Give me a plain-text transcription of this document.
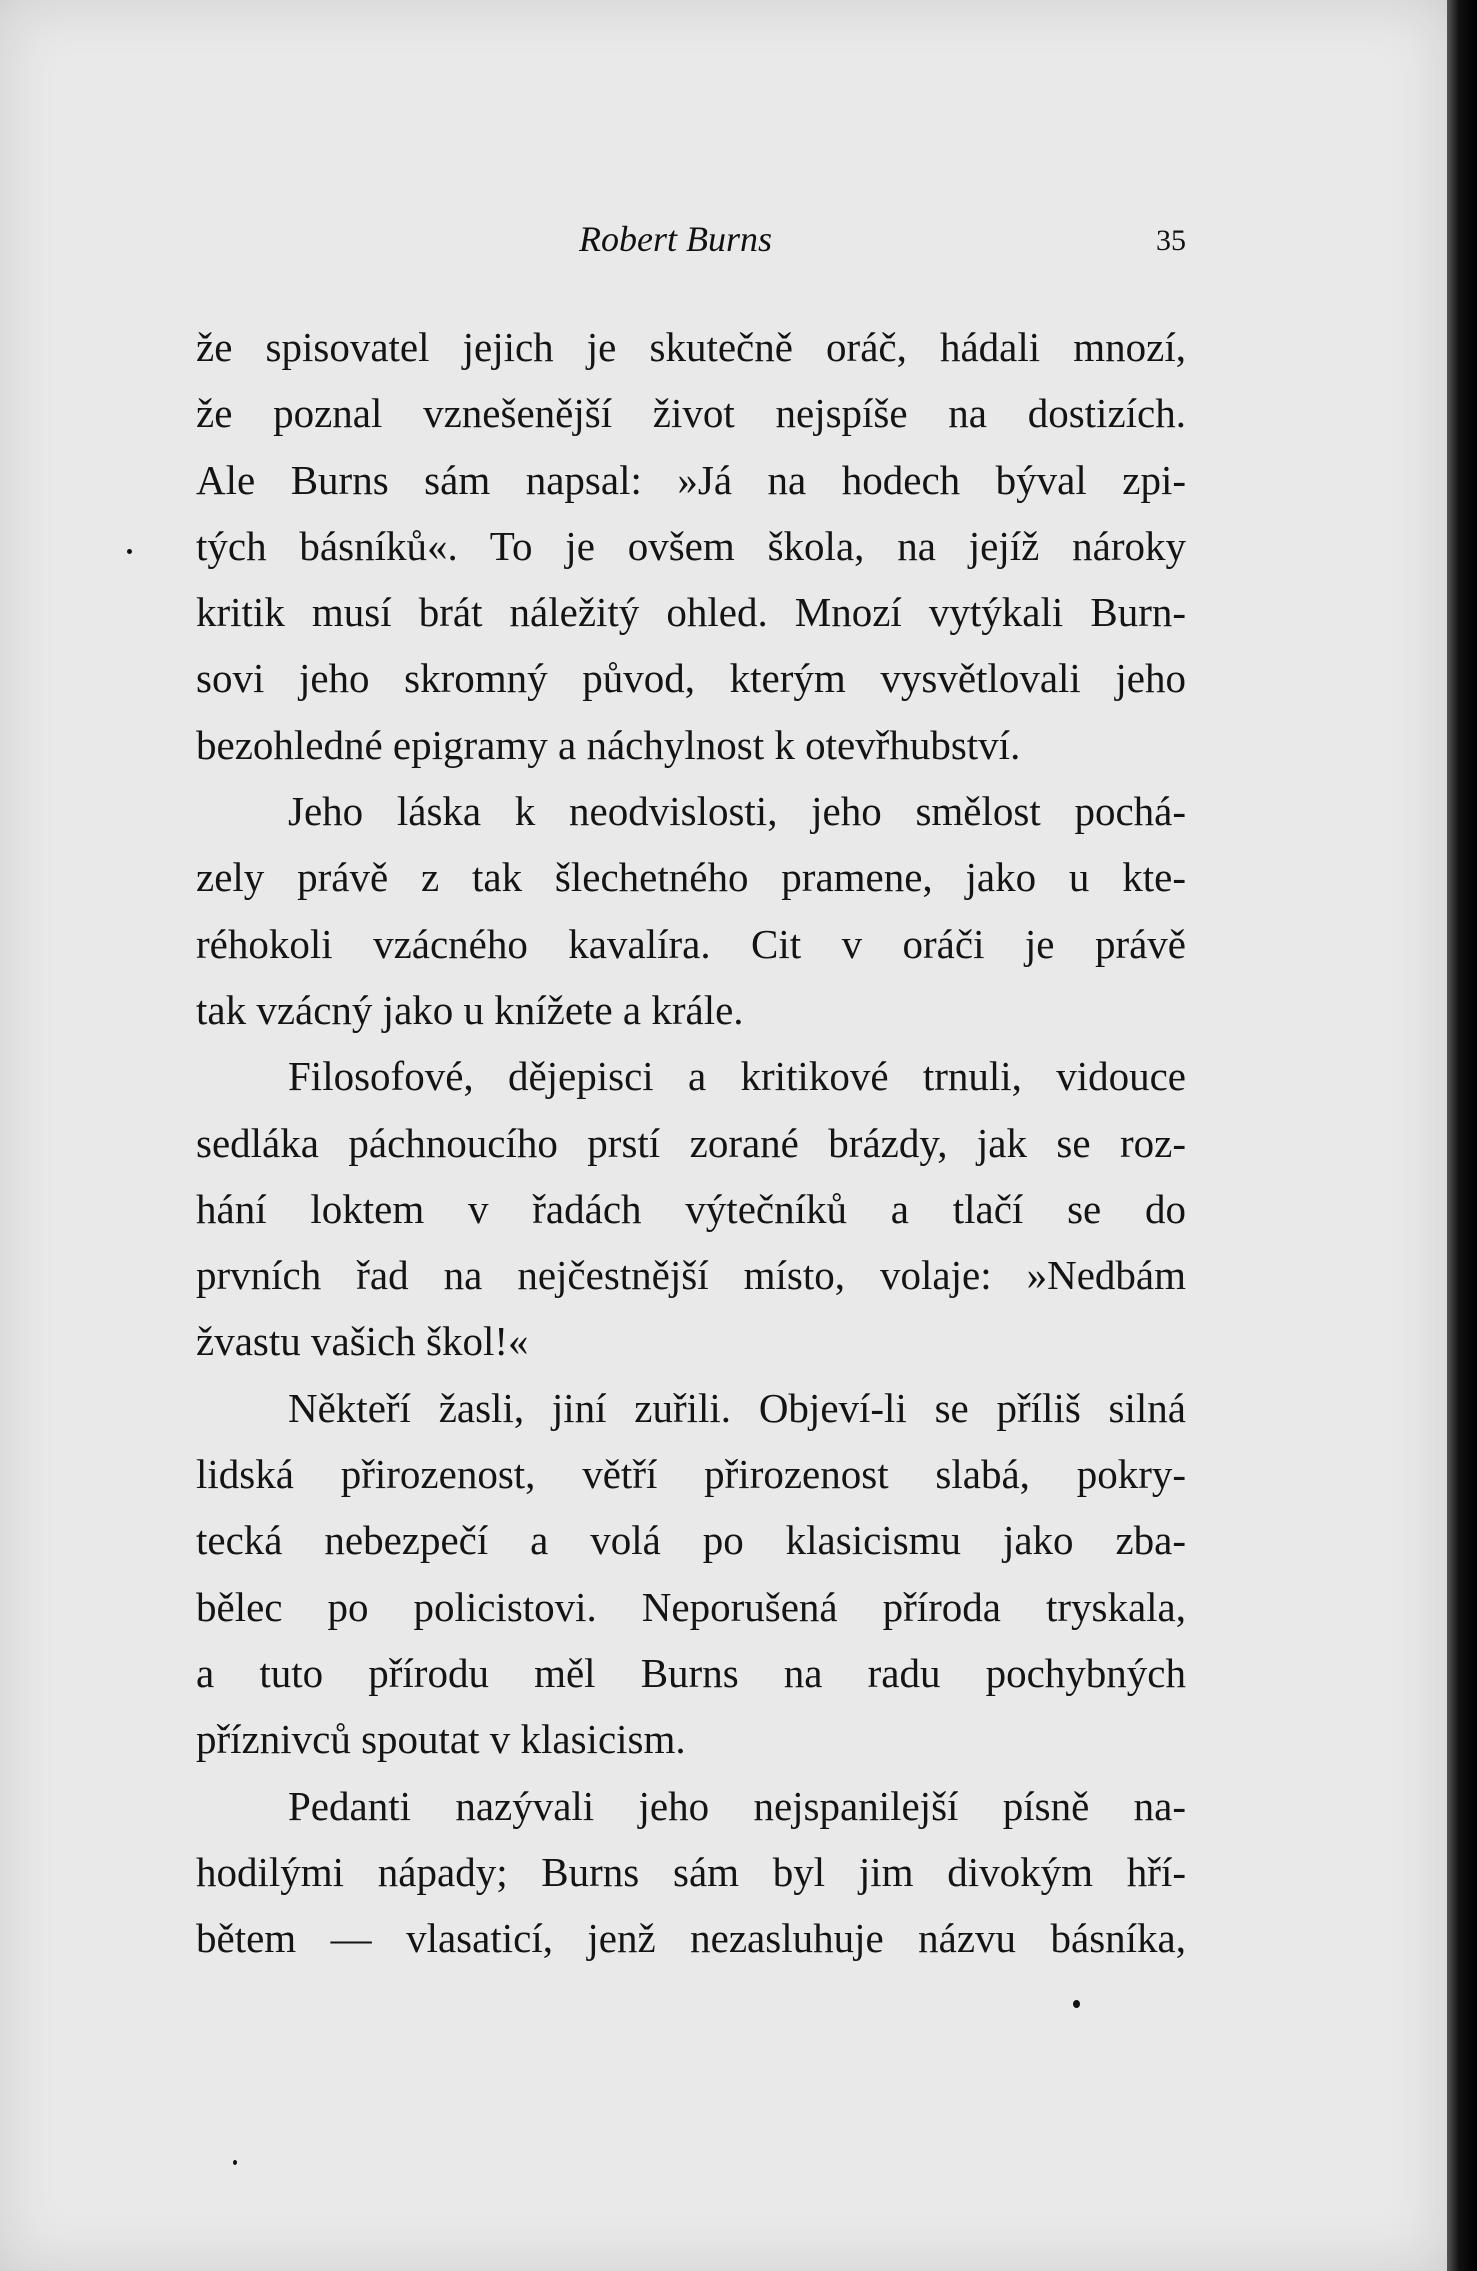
Robert Burns	35
že spisovatel jejich je skutečně oráč, hádali mnozí,
že poznal vznešenější život nejspíše na dostizích.
Ale Burns sám napsal: »Já na hodech býval zpi-
tých básníků«. To je ovšem škola, na jejíž nároky
kritik musí brát náležitý ohled. Mnozí vytýkali Burn-
sovi jeho skromný původ, kterým vysvětlovali jeho
bezohledné epigramy a náchylnost k otevřhubství.
Jeho láska k neodvislosti, jeho smělost pochá-
zely právě z tak šlechetného pramene, jako u kte-
réhokoli vzácného kavalíra. Cit v oráči je právě
tak vzácný jako u knížete a krále.
Filosofové, dějepisci a kritikové trnuli, vidouce
sedláka páchnoucího prstí zorané brázdy, jak se roz-
hání loktem v řadách výtečníků a tlačí se do
prvních řad na nejčestnější místo, volaje: »Nedbám
žvastu vašich škol!«
Někteří žasli, jiní zuřili. Objeví-li se příliš silná
lidská přirozenost, větří přirozenost slabá, pokry-
tecká nebezpečí a volá po klasicismu jako zba-
bělec po policistovi. Neporušená příroda tryskala,
a tuto přírodu měl Burns na radu pochybných
příznivců spoutat v klasicism.
Pedanti nazývali jeho nejspanilejší písně na-
hodilými nápady; Burns sám byl jim divokým hří-
bětem — vlasaticí, jenž nezasluhuje názvu básníka,
